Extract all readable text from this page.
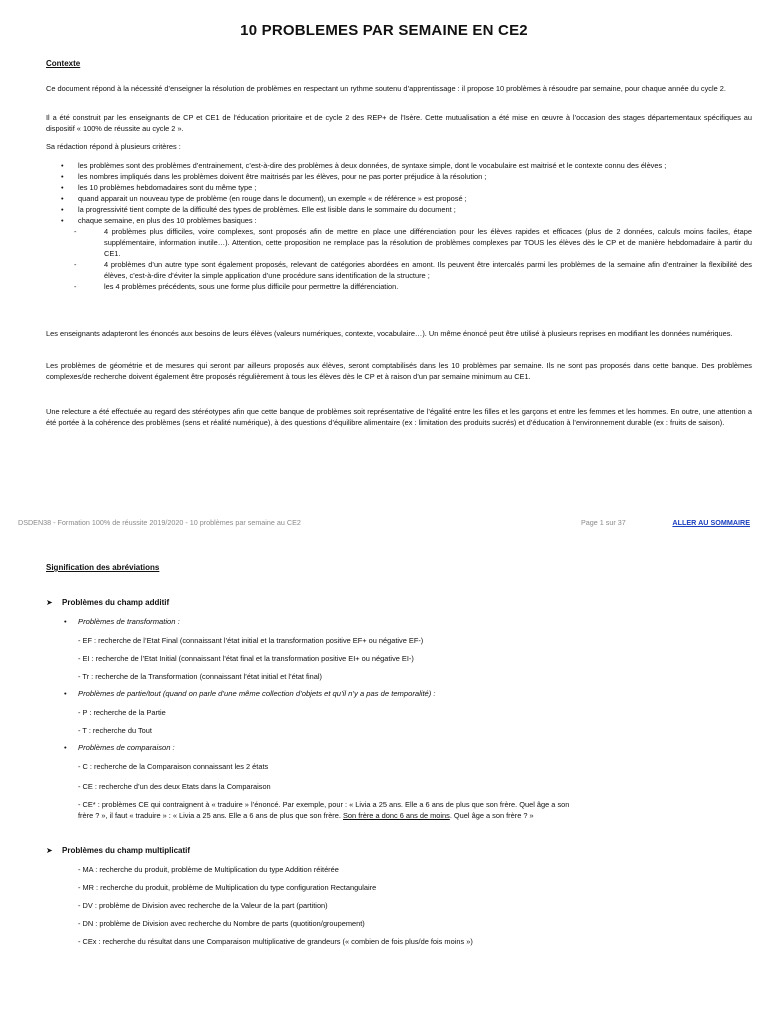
10 PROBLEMES PAR SEMAINE EN CE2
Contexte
Ce document répond à la nécessité d’enseigner la résolution de problèmes en respectant un rythme soutenu d’apprentissage : il propose 10 problèmes à résoudre par semaine, pour chaque année du cycle 2.
Il a été construit par les enseignants de CP et CE1 de l’éducation prioritaire et de cycle 2 des REP+ de l’Isère. Cette mutualisation a été mise en œuvre à l’occasion des stages départementaux spécifiques au dispositif « 100% de réussite au cycle 2 ».
Sa rédaction répond à plusieurs critères :
• les problèmes sont des problèmes d’entrainement, c’est-à-dire des problèmes à deux données, de syntaxe simple, dont le vocabulaire est maitrisé et le contexte connu des élèves ;
• les nombres impliqués dans les problèmes doivent être maitrisés par les élèves, pour ne pas porter préjudice à la résolution ;
• les 10 problèmes hebdomadaires sont du même type ;
• quand apparait un nouveau type de problème (en rouge dans le document), un exemple « de référence » est proposé ;
• la progressivité tient compte de la difficulté des types de problèmes. Elle est lisible dans le sommaire du document ;
• chaque semaine, en plus des 10 problèmes basiques :
-	4 problèmes plus difficiles, voire complexes, sont proposés afin de mettre en place une différenciation pour les élèves rapides et efficaces (plus de 2 données, calculs moins faciles, étape supplémentaire, information inutile…). Attention, cette proposition ne remplace pas la résolution de problèmes complexes par TOUS les élèves dès le CP et de manière hebdomadaire à partir du CE1.
-	4 problèmes d’un autre type sont également proposés, relevant de catégories abordées en amont. Ils peuvent être intercalés parmi les problèmes de la semaine afin d’entrainer la flexibilité des élèves, c’est-à-dire d’éviter la simple application d’une procédure sans identification de la structure ;
-	les 4 problèmes précédents, sous une forme plus difficile pour permettre la différenciation.
Les enseignants adapteront les énoncés aux besoins de leurs élèves (valeurs numériques, contexte, vocabulaire…). Un même énoncé peut être utilisé à plusieurs reprises en modifiant les données numériques.
Les problèmes de géométrie et de mesures qui seront par ailleurs proposés aux élèves, seront comptabilisés dans les 10 problèmes par semaine. Ils ne sont pas proposés dans cette banque. Des problèmes complexes/de recherche doivent également être proposés régulièrement à tous les élèves dès le CP et à raison d’un par semaine minimum au CE1.
Une relecture a été effectuée au regard des stéréotypes afin que cette banque de problèmes soit représentative de l’égalité entre les filles et les garçons et entre les femmes et les hommes. En outre, une attention a été portée à la cohérence des problèmes (sens et réalité numérique), à des questions d’équilibre alimentaire (ex : limitation des produits sucrés) et d’éducation à l’environnement durable (ex : fruits de saison).
DSDEN38 - Formation 100% de réussite 2019/2020 - 10 problèmes par semaine au CE2	Page 1 sur 37	ALLER AU SOMMAIRE
Signification des abréviations
➤ Problèmes du champ additif
• Problèmes de transformation :
- EF : recherche de l’Etat Final (connaissant l’état initial et la transformation positive EF+ ou négative EF-)
- EI : recherche de l’Etat Initial (connaissant l’état final et la transformation positive EI+ ou négative EI-)
- Tr : recherche de la Transformation (connaissant l’état initial et l’état final)
• Problèmes de partie/tout (quand on parle d’une même collection d’objets et qu’il n’y a pas de temporalité) :
- P : recherche de la Partie
- T : recherche du Tout
• Problèmes de comparaison :
- C : recherche de la Comparaison connaissant les 2 états
- CE : recherche d’un des deux Etats dans la Comparaison
- CE* : problèmes CE qui contraignent à « traduire » l’énoncé. Par exemple, pour : « Livia a 25 ans. Elle a 6 ans de plus que son frère. Quel âge a son
frère ? », il faut « traduire » : « Livia a 25 ans. Elle a 6 ans de plus que son frère. Son frère a donc 6 ans de moins. Quel âge a son frère ? »
➤ Problèmes du champ multiplicatif
- MA : recherche du produit, problème de Multiplication du type Addition réitérée
- MR : recherche du produit, problème de Multiplication du type configuration Rectangulaire
- DV : problème de Division avec recherche de la Valeur de la part (partition)
- DN : problème de Division avec recherche du Nombre de parts (quotition/groupement)
- CEx : recherche du résultat dans une Comparaison multiplicative de grandeurs (« combien de fois plus/de fois moins »)
